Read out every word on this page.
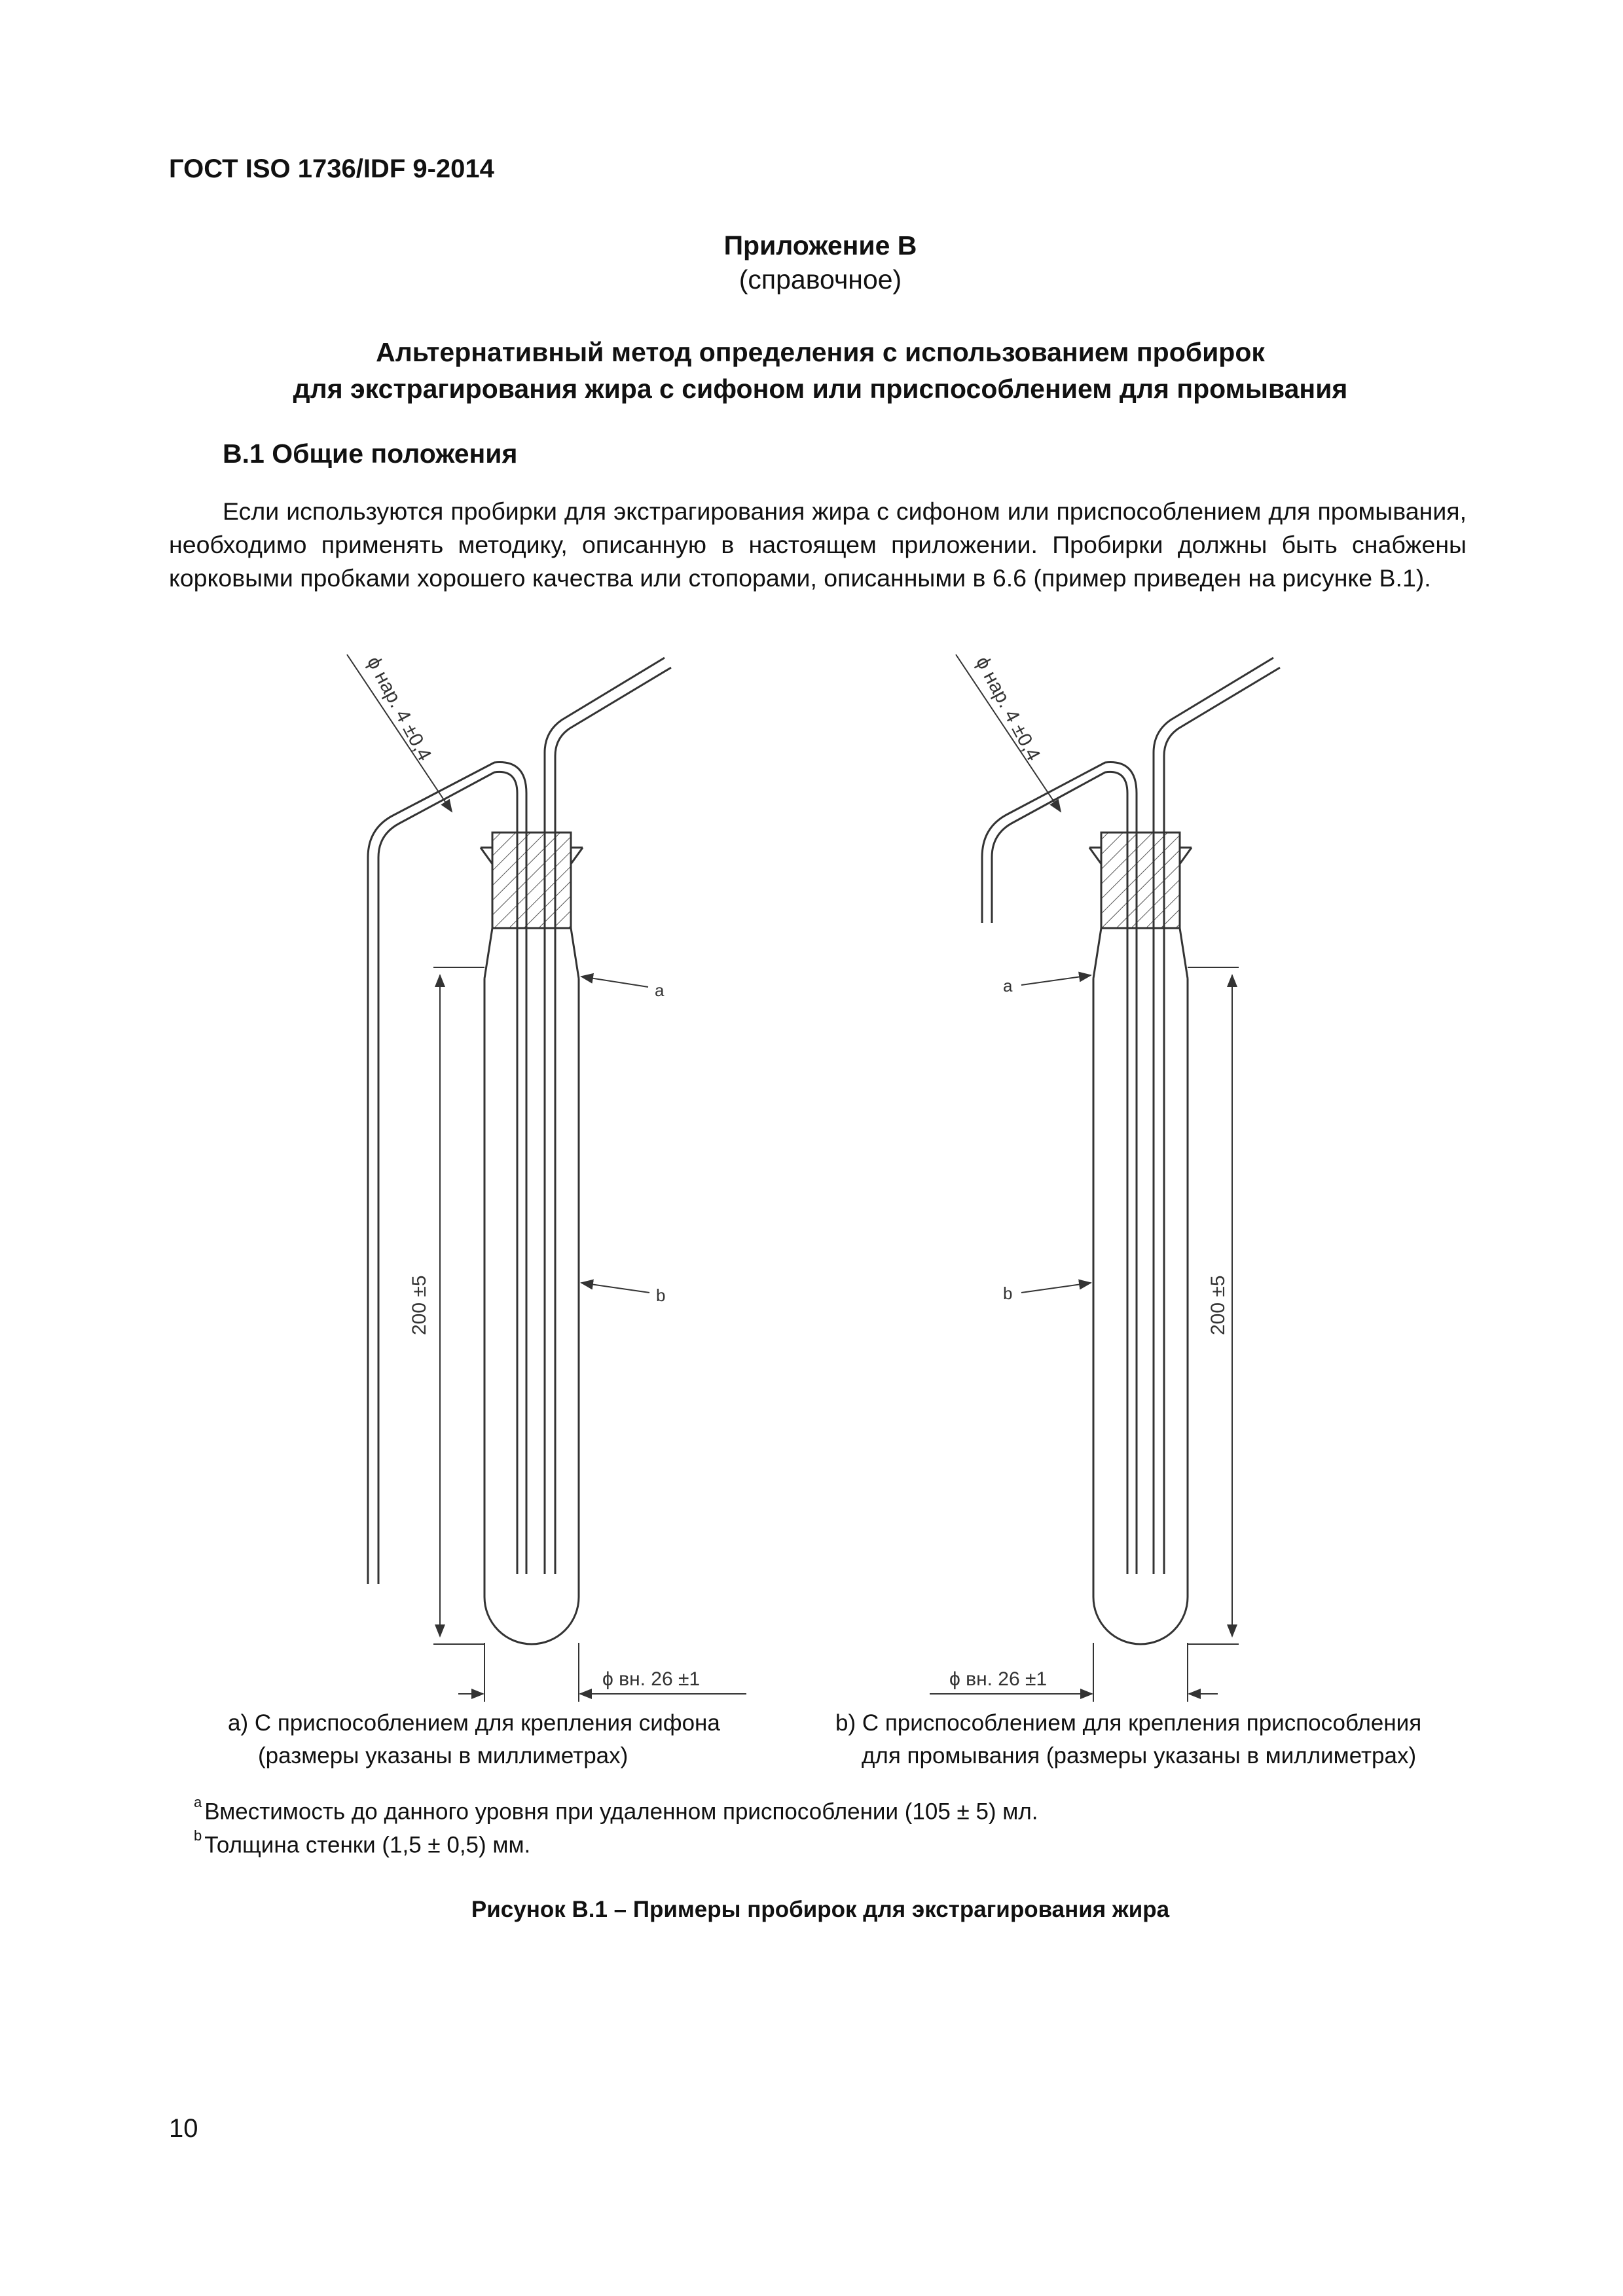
ГОСТ ISO 1736/IDF 9-2014
Приложение В
(справочное)
Альтернативный метод определения с использованием пробирок
для экстрагирования жира с сифоном или приспособлением для промывания
В.1 Общие положения
Если используются пробирки для экстрагирования жира с сифоном или приспособлением для промывания, необходимо применять методику, описанную в настоящем приложении. Пробирки должны быть снабжены корковыми пробками хорошего качества или стопорами, описанными в 6.6 (пример приведен на рисунке В.1).
ϕ нар. 4 ±0,4
200 ±5
ϕ вн. 26 ±1
a
b
ϕ нар. 4 ±0,4
200 ±5
ϕ вн. 26 ±1
a
b
а) С приспособлением для крепления сифона
(размеры указаны в миллиметрах)
b) С приспособлением для крепления приспособления
для промывания (размеры указаны в миллиметрах)
$^a$ Вместимость до данного уровня при удаленном приспособлении (105 ± 5) мл.
$^b$ Толщина стенки (1,5 ± 0,5) мм.
Рисунок В.1 – Примеры пробирок для экстрагирования жира
10
